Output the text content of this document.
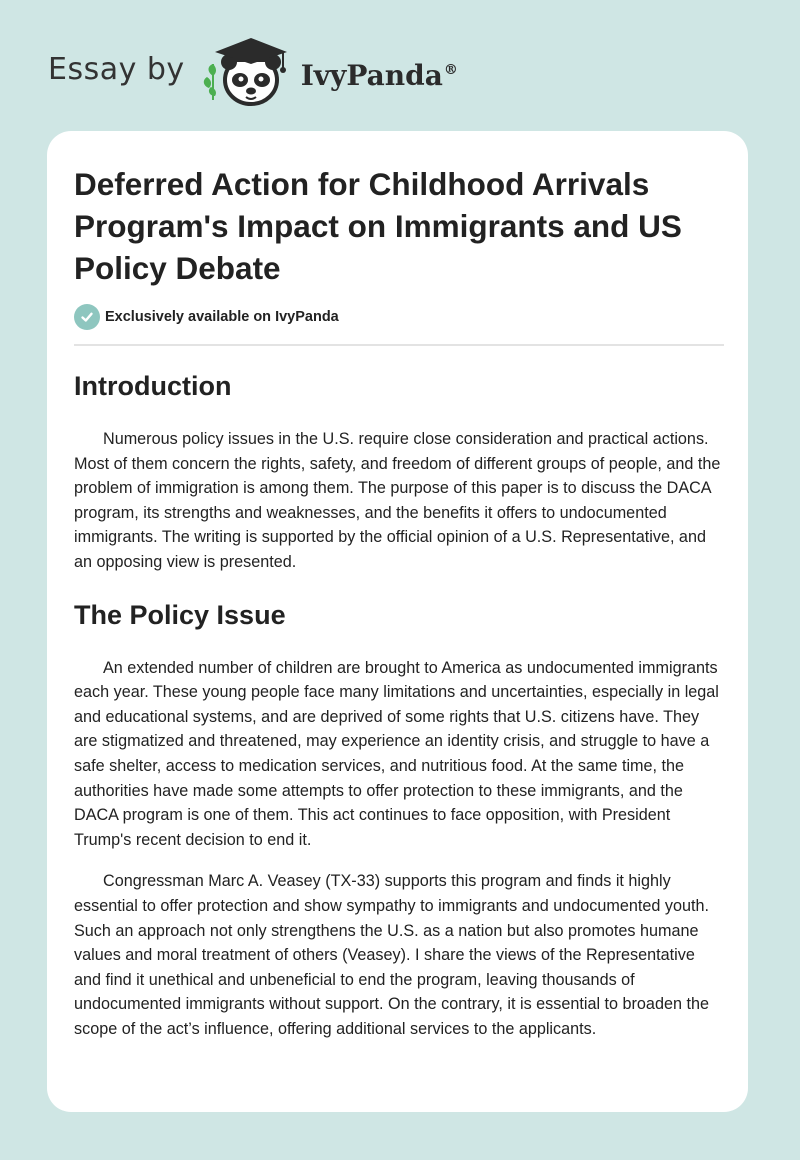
Essay by	IvyPanda®
Deferred Action for Childhood Arrivals Program's Impact on Immigrants and US Policy Debate
Exclusively available on IvyPanda
Introduction

Numerous policy issues in the U.S. require close consideration and practical actions. Most of them concern the rights, safety, and freedom of different groups of people, and the problem of immigration is among them. The purpose of this paper is to discuss the DACA program, its strengths and weaknesses, and the benefits it offers to undocumented immigrants. The writing is supported by the official opinion of a U.S. Representative, and an opposing view is presented.

The Policy Issue

An extended number of children are brought to America as undocumented immigrants each year. These young people face many limitations and uncertainties, especially in legal and educational systems, and are deprived of some rights that U.S. citizens have. They are stigmatized and threatened, may experience an identity crisis, and struggle to have a safe shelter, access to medication services, and nutritious food. At the same time, the authorities have made some attempts to offer protection to these immigrants, and the DACA program is one of them. This act continues to face opposition, with President Trump's recent decision to end it.

Congressman Marc A. Veasey (TX-33) supports this program and finds it highly essential to offer protection and show sympathy to immigrants and undocumented youth. Such an approach not only strengthens the U.S. as a nation but also promotes humane values and moral treatment of others (Veasey). I share the views of the Representative and find it unethical and unbeneficial to end the program, leaving thousands of undocumented immigrants without support. On the contrary, it is essential to broaden the scope of the act’s influence, offering additional services to the applicants.
